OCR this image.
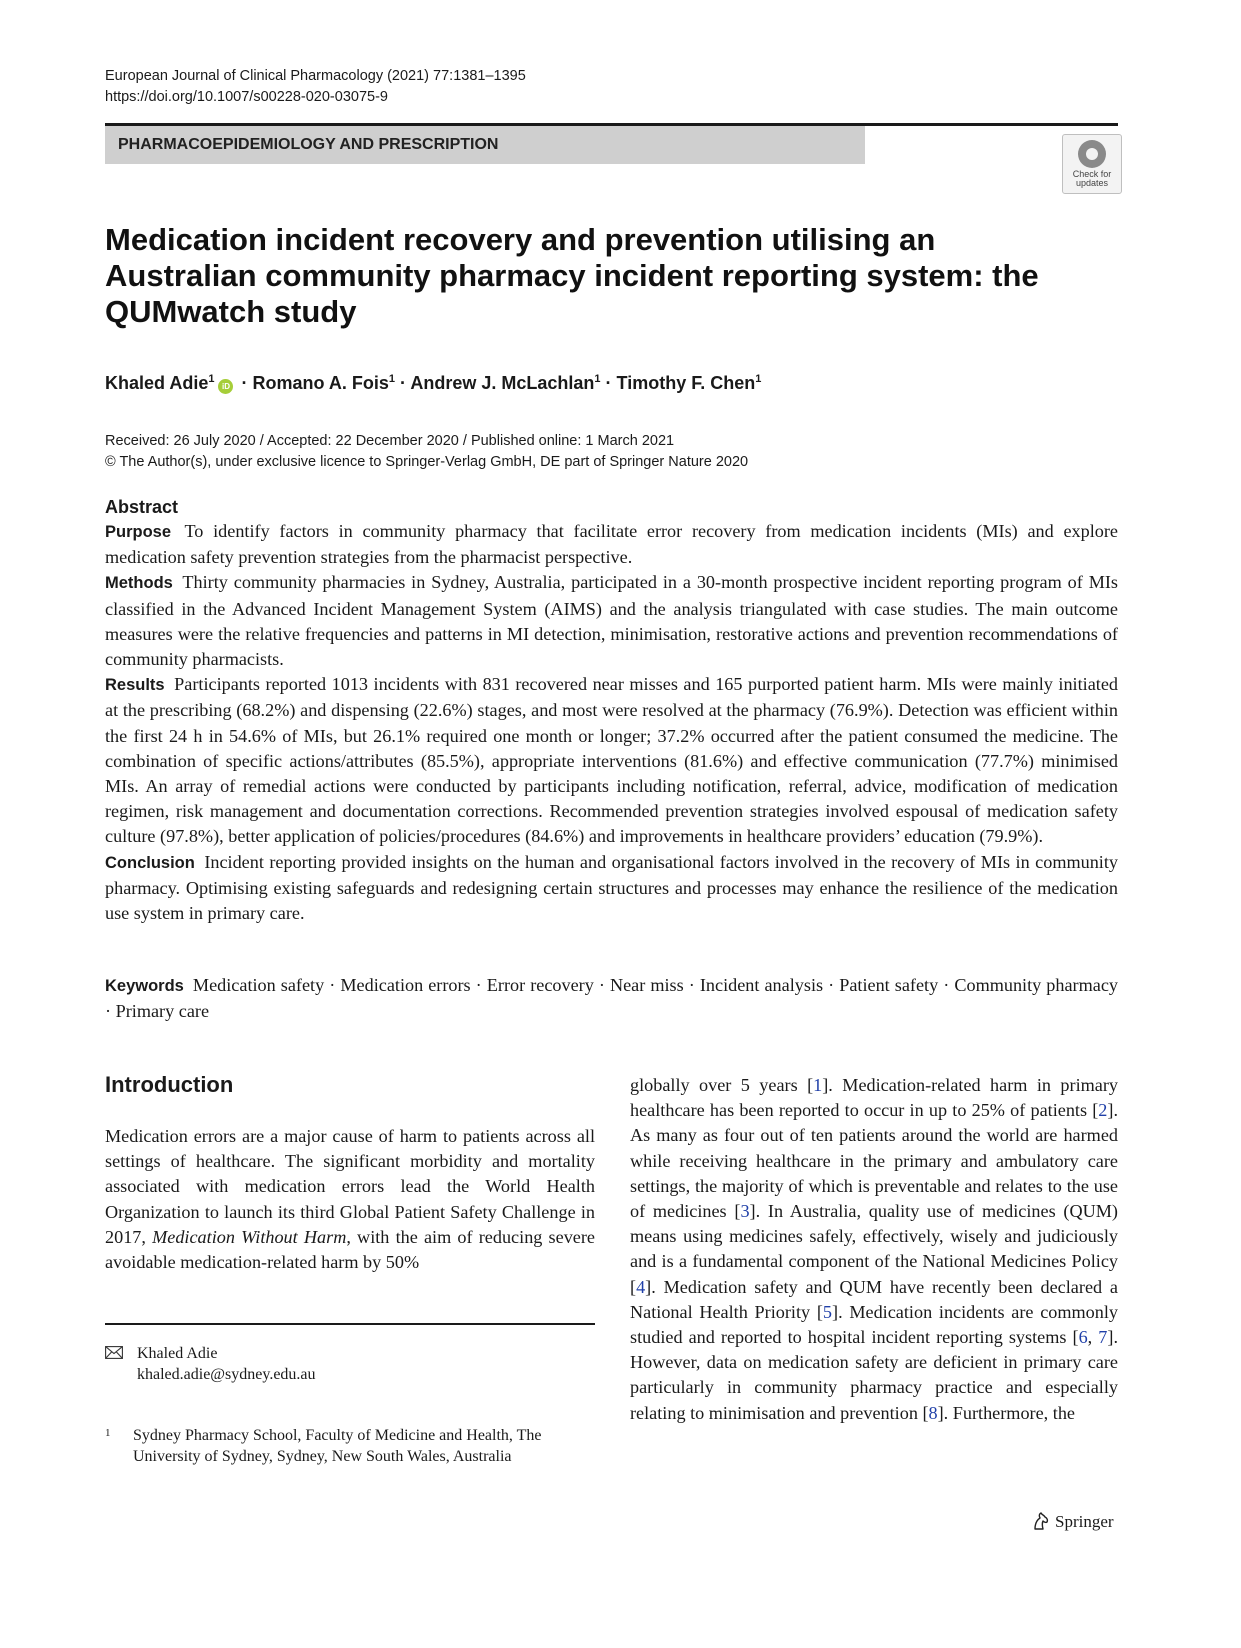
European Journal of Clinical Pharmacology (2021) 77:1381–1395
https://doi.org/10.1007/s00228-020-03075-9
PHARMACOEPIDEMIOLOGY AND PRESCRIPTION
Check for
updates
Medication incident recovery and prevention utilising an Australian community pharmacy incident reporting system: the QUMwatch study
Khaled Adie$^1$iD · Romano A. Fois$^1$ · Andrew J. McLachlan$^1$ · Timothy F. Chen$^1$
Received: 26 July 2020 / Accepted: 22 December 2020 / Published online: 1 March 2021
© The Author(s), under exclusive licence to Springer-Verlag GmbH, DE part of Springer Nature 2020
Abstract

Purpose To identify factors in community pharmacy that facilitate error recovery from medication incidents (MIs) and explore medication safety prevention strategies from the pharmacist perspective.

Methods Thirty community pharmacies in Sydney, Australia, participated in a 30-month prospective incident reporting program of MIs classified in the Advanced Incident Management System (AIMS) and the analysis triangulated with case studies. The main outcome measures were the relative frequencies and patterns in MI detection, minimisation, restorative actions and prevention recommendations of community pharmacists.

Results Participants reported 1013 incidents with 831 recovered near misses and 165 purported patient harm. MIs were mainly initiated at the prescribing (68.2%) and dispensing (22.6%) stages, and most were resolved at the pharmacy (76.9%). Detection was efficient within the first 24 h in 54.6% of MIs, but 26.1% required one month or longer; 37.2% occurred after the patient consumed the medicine. The combination of specific actions/attributes (85.5%), appropriate interventions (81.6%) and effective communication (77.7%) minimised MIs. An array of remedial actions were conducted by participants including notification, referral, advice, modification of medication regimen, risk management and documentation corrections. Recommended prevention strategies involved espousal of medication safety culture (97.8%), better application of policies/procedures (84.6%) and improvements in healthcare providers’ education (79.9%).

Conclusion Incident reporting provided insights on the human and organisational factors involved in the recovery of MIs in community pharmacy. Optimising existing safeguards and redesigning certain structures and processes may enhance the resilience of the medication use system in primary care.

Keywords Medication safety · Medication errors · Error recovery · Near miss · Incident analysis · Patient safety · Community pharmacy · Primary care
Introduction
Medication errors are a major cause of harm to patients across all settings of healthcare. The significant morbidity and mortality associated with medication errors lead the World Health Organization to launch its third Global Patient Safety Challenge in 2017, Medication Without Harm, with the aim of reducing severe avoidable medication-related harm by 50%
globally over 5 years [1]. Medication-related harm in primary healthcare has been reported to occur in up to 25% of patients [2]. As many as four out of ten patients around the world are harmed while receiving healthcare in the primary and ambulatory care settings, the majority of which is preventable and relates to the use of medicines [3]. In Australia, quality use of medicines (QUM) means using medicines safely, effectively, wisely and judiciously and is a fundamental component of the National Medicines Policy [4]. Medication safety and QUM have recently been declared a National Health Priority [5]. Medication incidents are commonly studied and reported to hospital incident reporting systems [6, 7]. However, data on medication safety are deficient in primary care particularly in community pharmacy practice and especially relating to minimisation and prevention [8]. Furthermore, the
Khaled Adie
khaled.adie@sydney.edu.au
1 Sydney Pharmacy School, Faculty of Medicine and Health, The University of Sydney, Sydney, New South Wales, Australia
Springer
